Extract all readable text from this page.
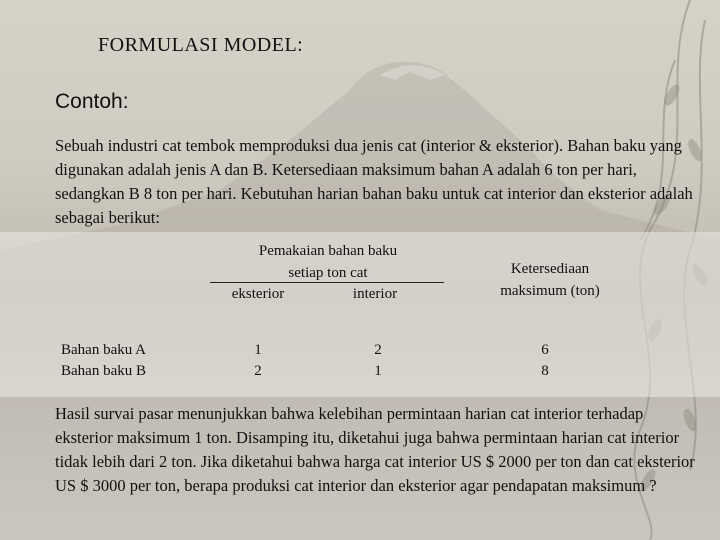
FORMULASI MODEL:
Contoh:

Sebuah industri cat tembok memproduksi dua jenis cat (interior & eksterior). Bahan baku yang digunakan adalah jenis A dan B. Ketersediaan maksimum bahan A adalah 6 ton per hari, sedangkan B 8 ton per hari. Kebutuhan harian bahan baku untuk cat interior dan eksterior adalah sebagai berikut:

Pemakaian bahan baku
setiap ton cat
eksterior	interior
Ketersediaan
maksimum (ton)
Bahan baku A	1	2	6
Bahan baku B	2	1	8

Hasil survai pasar menunjukkan bahwa kelebihan permintaan harian cat interior terhadap eksterior maksimum 1 ton. Disamping itu, diketahui juga bahwa permintaan harian cat interior tidak lebih dari 2 ton. Jika diketahui bahwa harga cat interior US $ 2000 per ton dan cat eksterior US $ 3000 per ton, berapa produksi cat interior dan eksterior agar pendapatan maksimum ?
